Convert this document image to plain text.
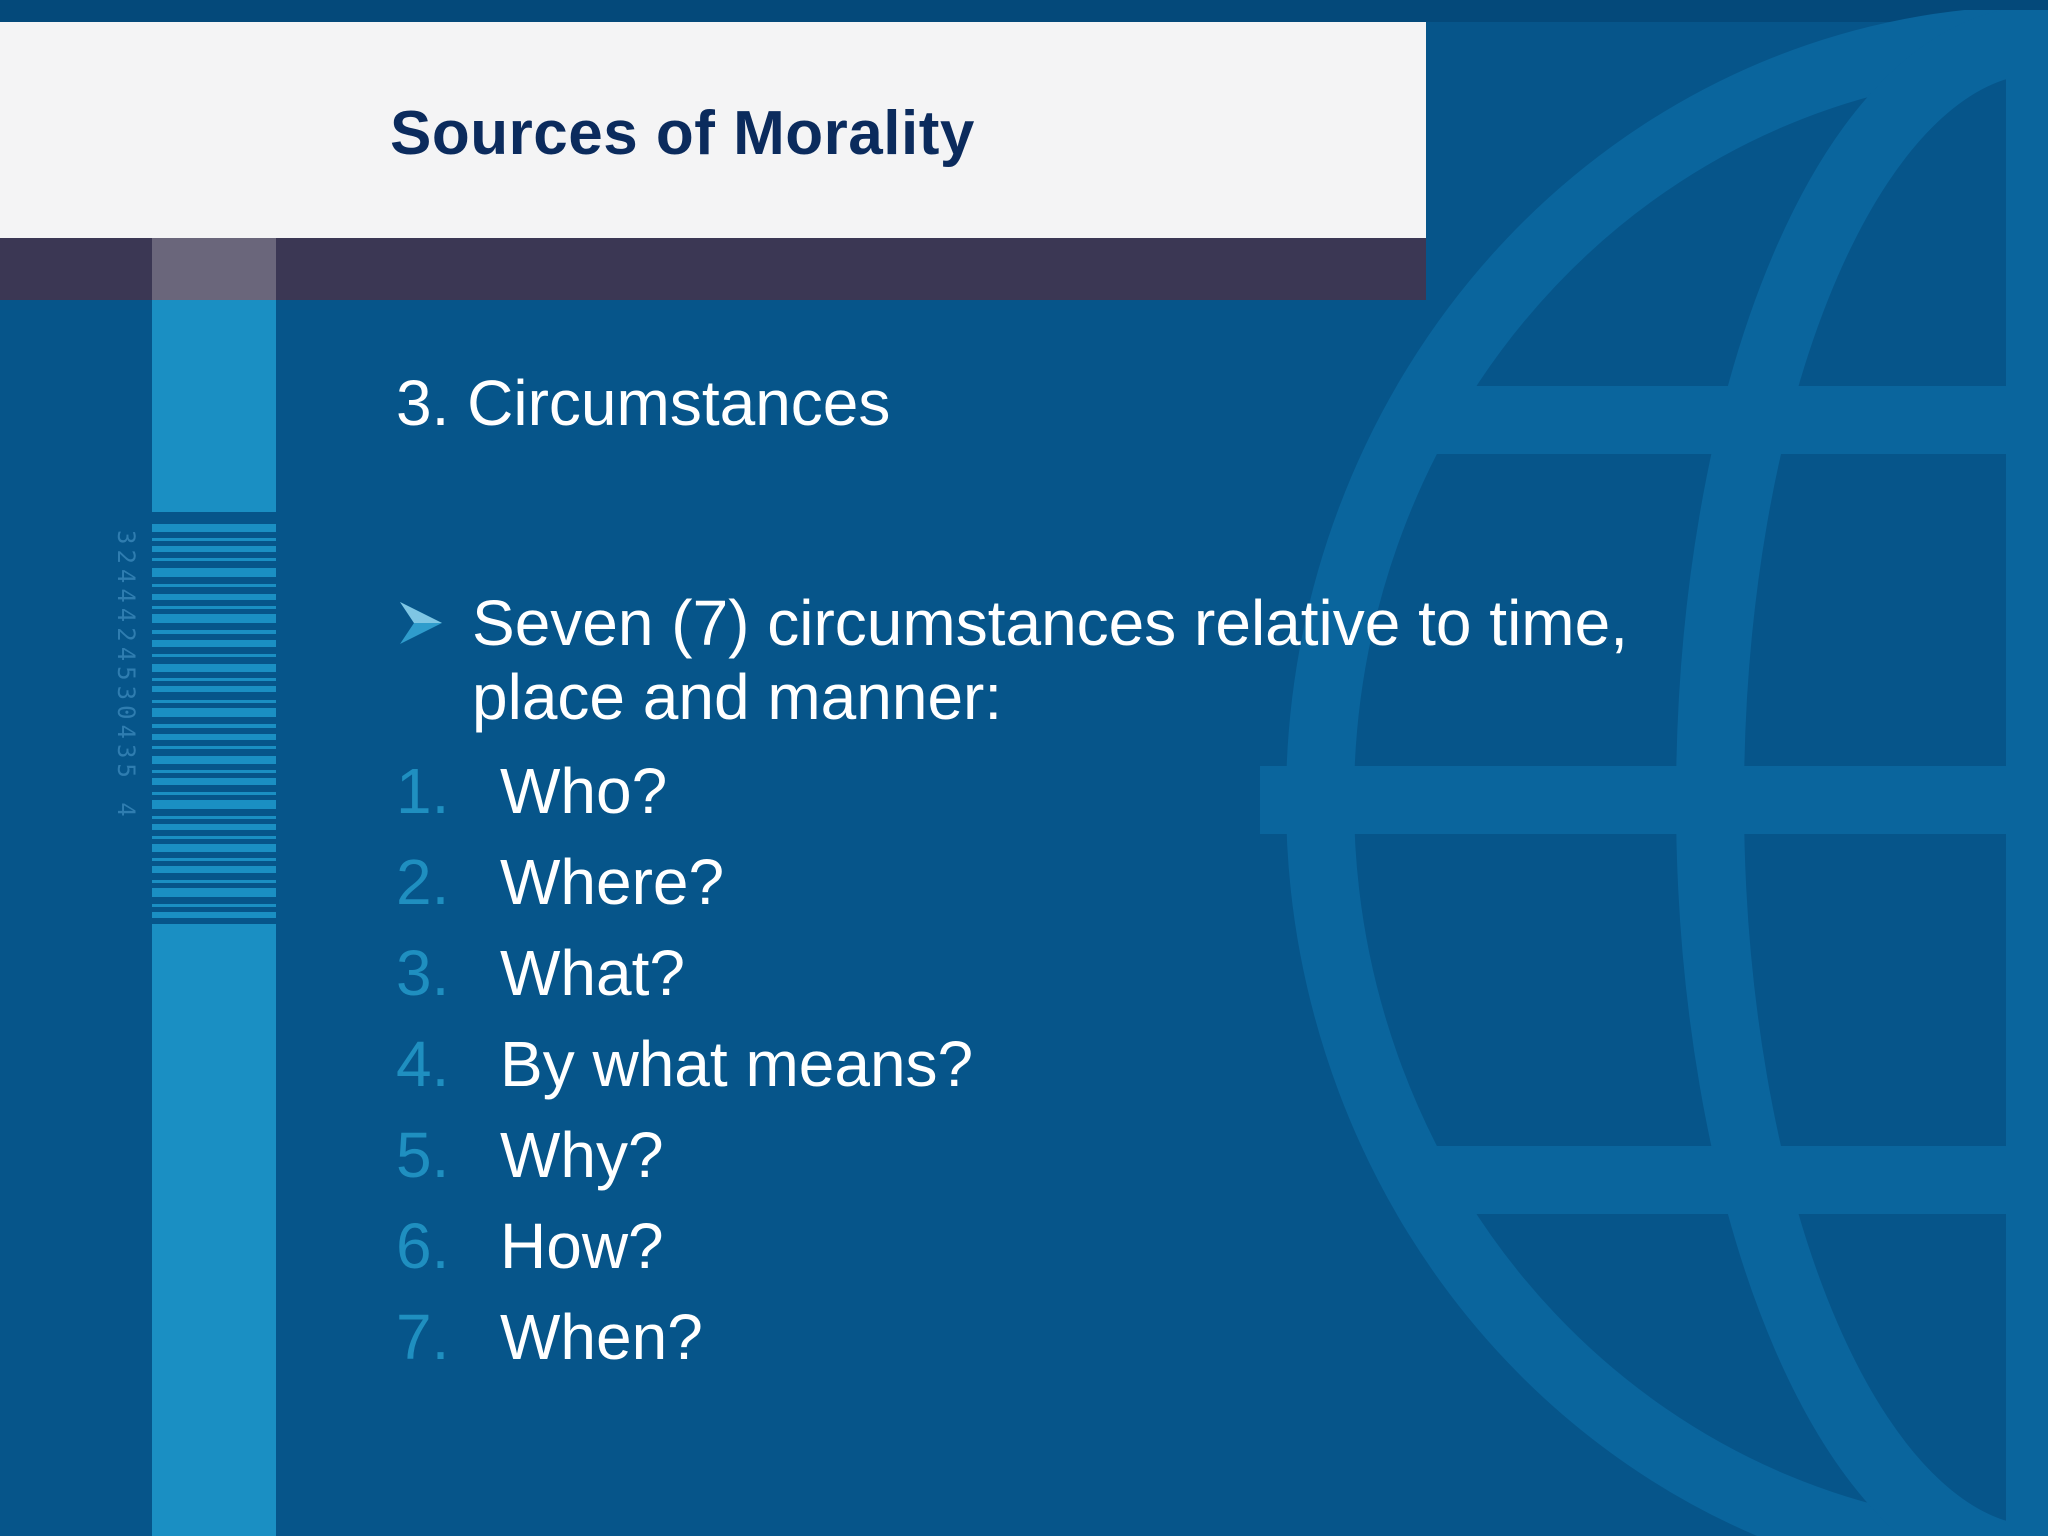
Sources of Morality
3244424530435 4
3. Circumstances
Seven (7) circumstances relative to time, place and manner:
1. Who?
2. Where?
3. What?
4. By what means?
5. Why?
6. How?
7. When?
